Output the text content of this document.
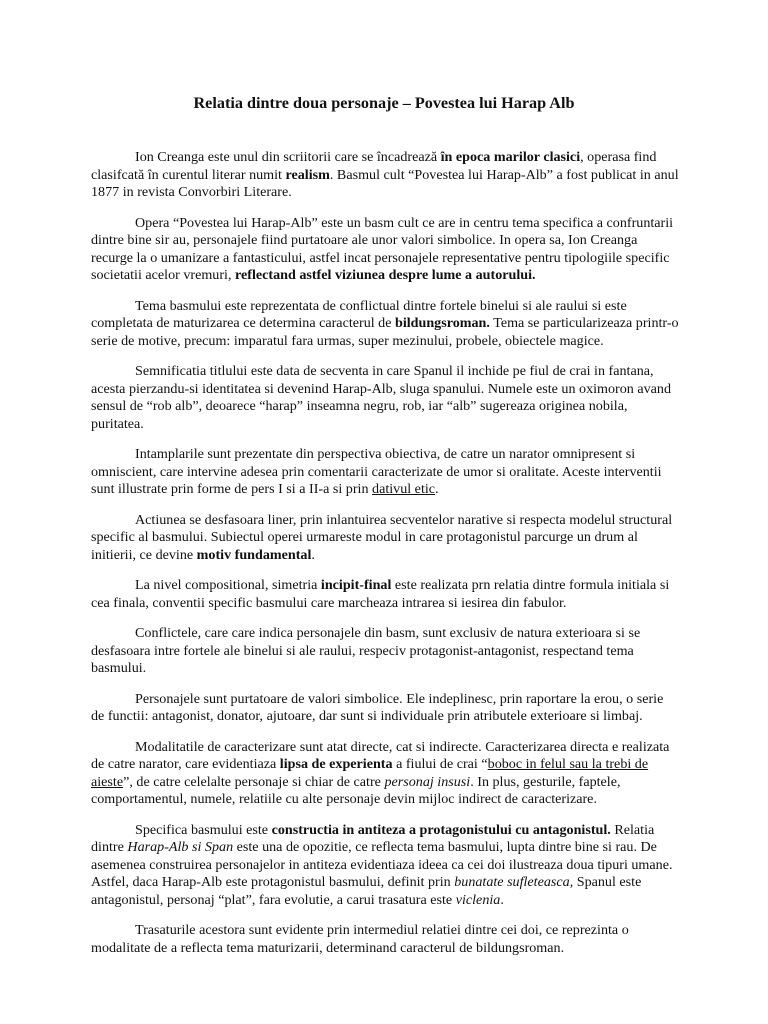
Relatia dintre doua personaje – Povestea lui Harap Alb

Ion Creanga este unul din scriitorii care se încadrează în epoca marilor clasici, operasa find clasifcată în curentul literar numit realism. Basmul cult “Povestea lui Harap-Alb” a fost publicat in anul 1877 in revista Convorbiri Literare.

Opera “Povestea lui Harap-Alb” este un basm cult ce are in centru tema specifica a confruntarii dintre bine sir au, personajele fiind purtatoare ale unor valori simbolice. In opera sa, Ion Creanga recurge la o umanizare a fantasticului, astfel incat personajele representative pentru tipologiile specific societatii acelor vremuri, reflectand astfel viziunea despre lume a autorului.

Tema basmului este reprezentata de conflictual dintre fortele binelui si ale raului si este completata de maturizarea ce determina caracterul de bildungsroman. Tema se particularizeaza printr-o serie de motive, precum: imparatul fara urmas, super mezinului, probele, obiectele magice.

Semnificatia titlului este data de secventa in care Spanul il inchide pe fiul de crai in fantana, acesta pierzandu-si identitatea si devenind Harap-Alb, sluga spanului. Numele este un oximoron avand sensul de “rob alb”, deoarece “harap” inseamna negru, rob, iar “alb” sugereaza originea nobila, puritatea.

Intamplarile sunt prezentate din perspectiva obiectiva, de catre un narator omnipresent si omniscient, care intervine adesea prin comentarii caracterizate de umor si oralitate. Aceste interventii sunt illustrate prin forme de pers I si a II-a si prin dativul etic.

Actiunea se desfasoara liner, prin inlantuirea secventelor narative si respecta modelul structural specific al basmului. Subiectul operei urmareste modul in care protagonistul parcurge un drum al initierii, ce devine motiv fundamental.

La nivel compositional, simetria incipit-final este realizata prn relatia dintre formula initiala si cea finala, conventii specific basmului care marcheaza intrarea si iesirea din fabulor.

Conflictele, care care indica personajele din basm, sunt exclusiv de natura exterioara si se desfasoara intre fortele ale binelui si ale raului, respeciv protagonist-antagonist, respectand tema basmului.

Personajele sunt purtatoare de valori simbolice. Ele indeplinesc, prin raportare la erou, o serie de functii: antagonist, donator, ajutoare, dar sunt si individuale prin atributele exterioare si limbaj.

Modalitatile de caracterizare sunt atat directe, cat si indirecte. Caracterizarea directa e realizata de catre narator, care evidentiaza lipsa de experienta a fiului de crai “boboc in felul sau la trebi de aieste”, de catre celelalte personaje si chiar de catre personaj insusi. In plus, gesturile, faptele, comportamentul, numele, relatiile cu alte personaje devin mijloc indirect de caracterizare.

Specifica basmului este constructia in antiteza a protagonistului cu antagonistul. Relatia dintre Harap-Alb si Span este una de opozitie, ce reflecta tema basmului, lupta dintre bine si rau. De asemenea construirea personajelor in antiteza evidentiaza ideea ca cei doi ilustreaza doua tipuri umane. Astfel, daca Harap-Alb este protagonistul basmului, definit prin bunatate sufleteasca, Spanul este antagonistul, personaj “plat”, fara evolutie, a carui trasatura este viclenia.

Trasaturile acestora sunt evidente prin intermediul relatiei dintre cei doi, ce reprezinta o modalitate de a reflecta tema maturizarii, determinand caracterul de bildungsroman.
